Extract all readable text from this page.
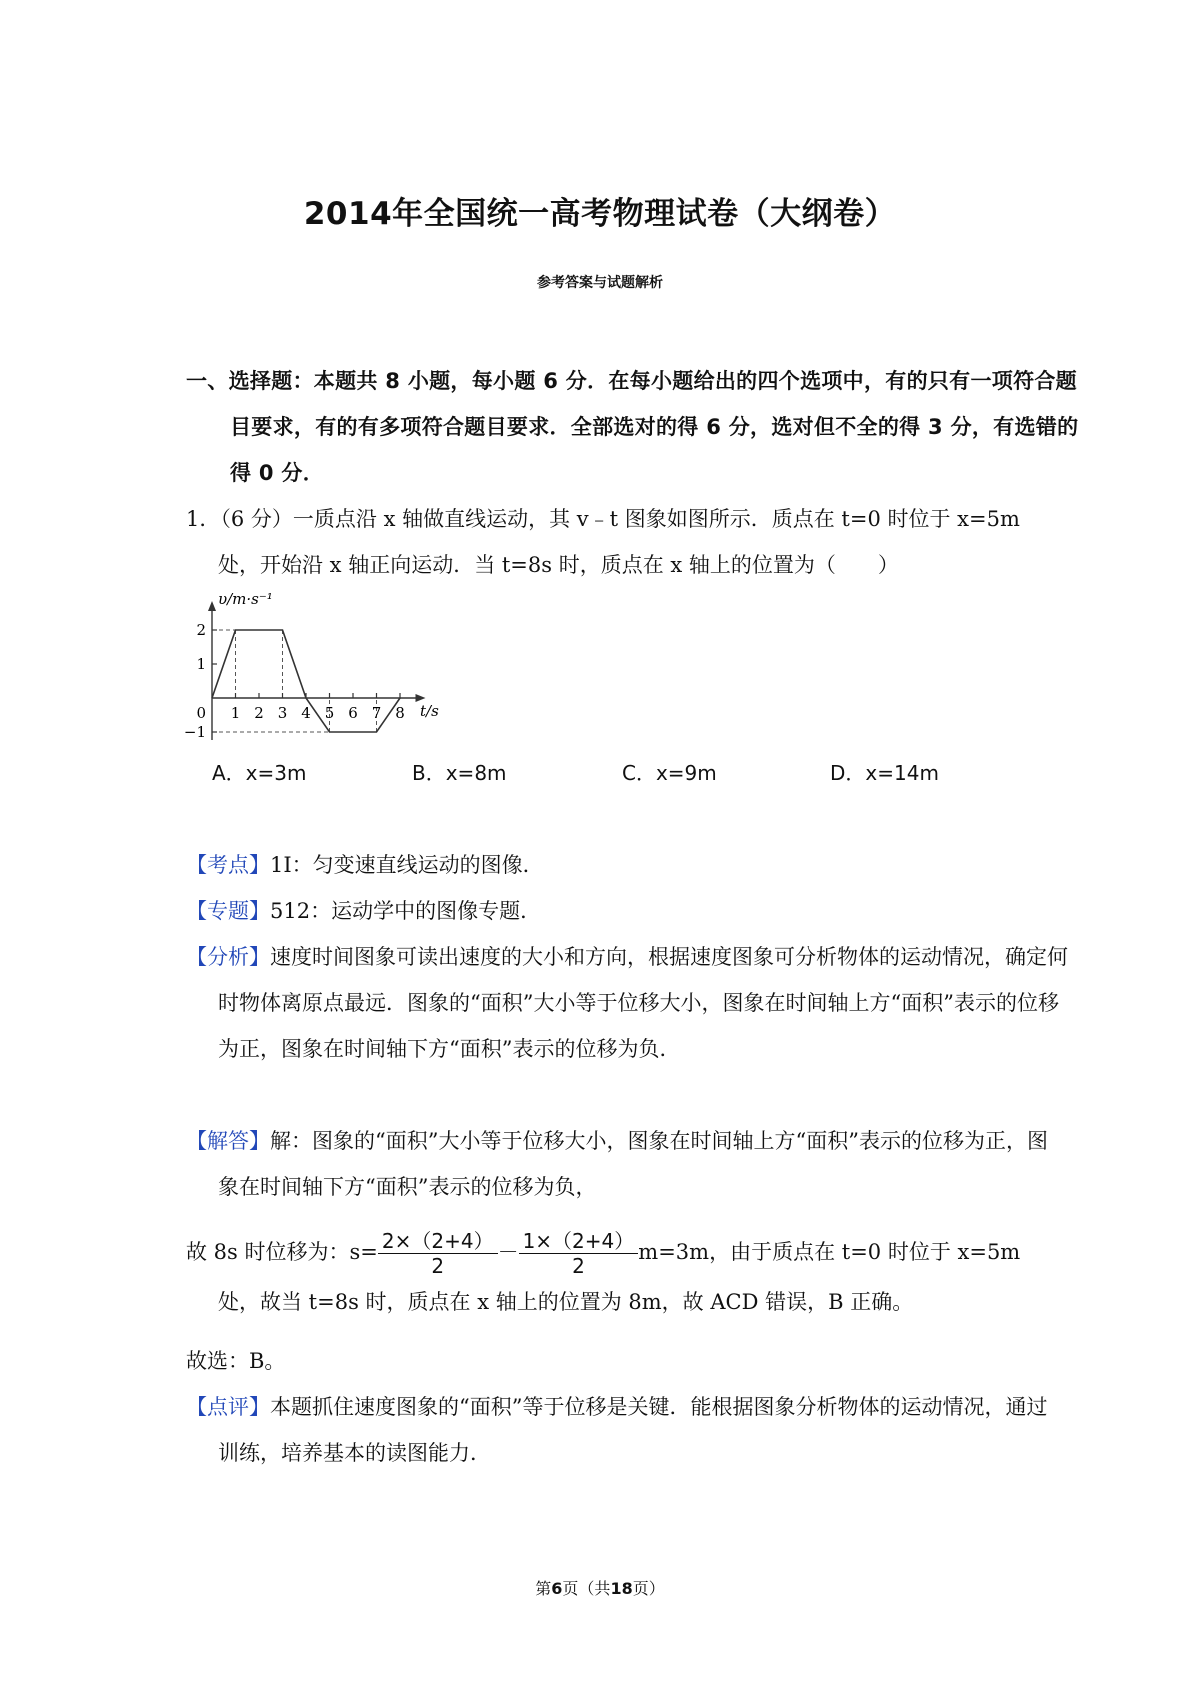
2014年全国统一高考物理试卷（大纲卷）
参考答案与试题解析
一、选择题：本题共 8 小题，每小题 6 分．在每小题给出的四个选项中，有的只有一项符合题目要求，有的有多项符合题目要求．全部选对的得 6 分，选对但不全的得 3 分，有选错的得 0 分．
1．（6 分）一质点沿 x 轴做直线运动，其 v﹣t 图象如图所示．质点在 t=0 时位于 x=5m 处，开始沿 x 轴正向运动．当 t=8s 时，质点在 x 轴上的位置为（　　）
1 2 3 4 5 6 7 8
2
1
0
−1
υ/m·s⁻¹
t/s
A．x=3m	B．x=8m	C．x=9m	D．x=14m
【考点】1I：匀变速直线运动的图像．
【专题】512：运动学中的图像专题．
【分析】速度时间图象可读出速度的大小和方向，根据速度图象可分析物体的运动情况，确定何时物体离原点最远．图象的“面积”大小等于位移大小，图象在时间轴上方“面积”表示的位移为正，图象在时间轴下方“面积”表示的位移为负．
【解答】解：图象的“面积”大小等于位移大小，图象在时间轴上方“面积”表示的位移为正，图象在时间轴下方“面积”表示的位移为负，
故 8s 时位移为：$s= \frac{2\times(2+4)}{2} - \frac{1\times(2+4)}{2} m=3m$，由于质点在 t=0 时位于 x=5m 处，故当 t=8s 时，质点在 x 轴上的位置为 8m，故 ACD 错误，B 正确。
故选：B。
【点评】本题抓住速度图象的“面积”等于位移是关键．能根据图象分析物体的运动情况，通过训练，培养基本的读图能力．
第6页（共18页）
